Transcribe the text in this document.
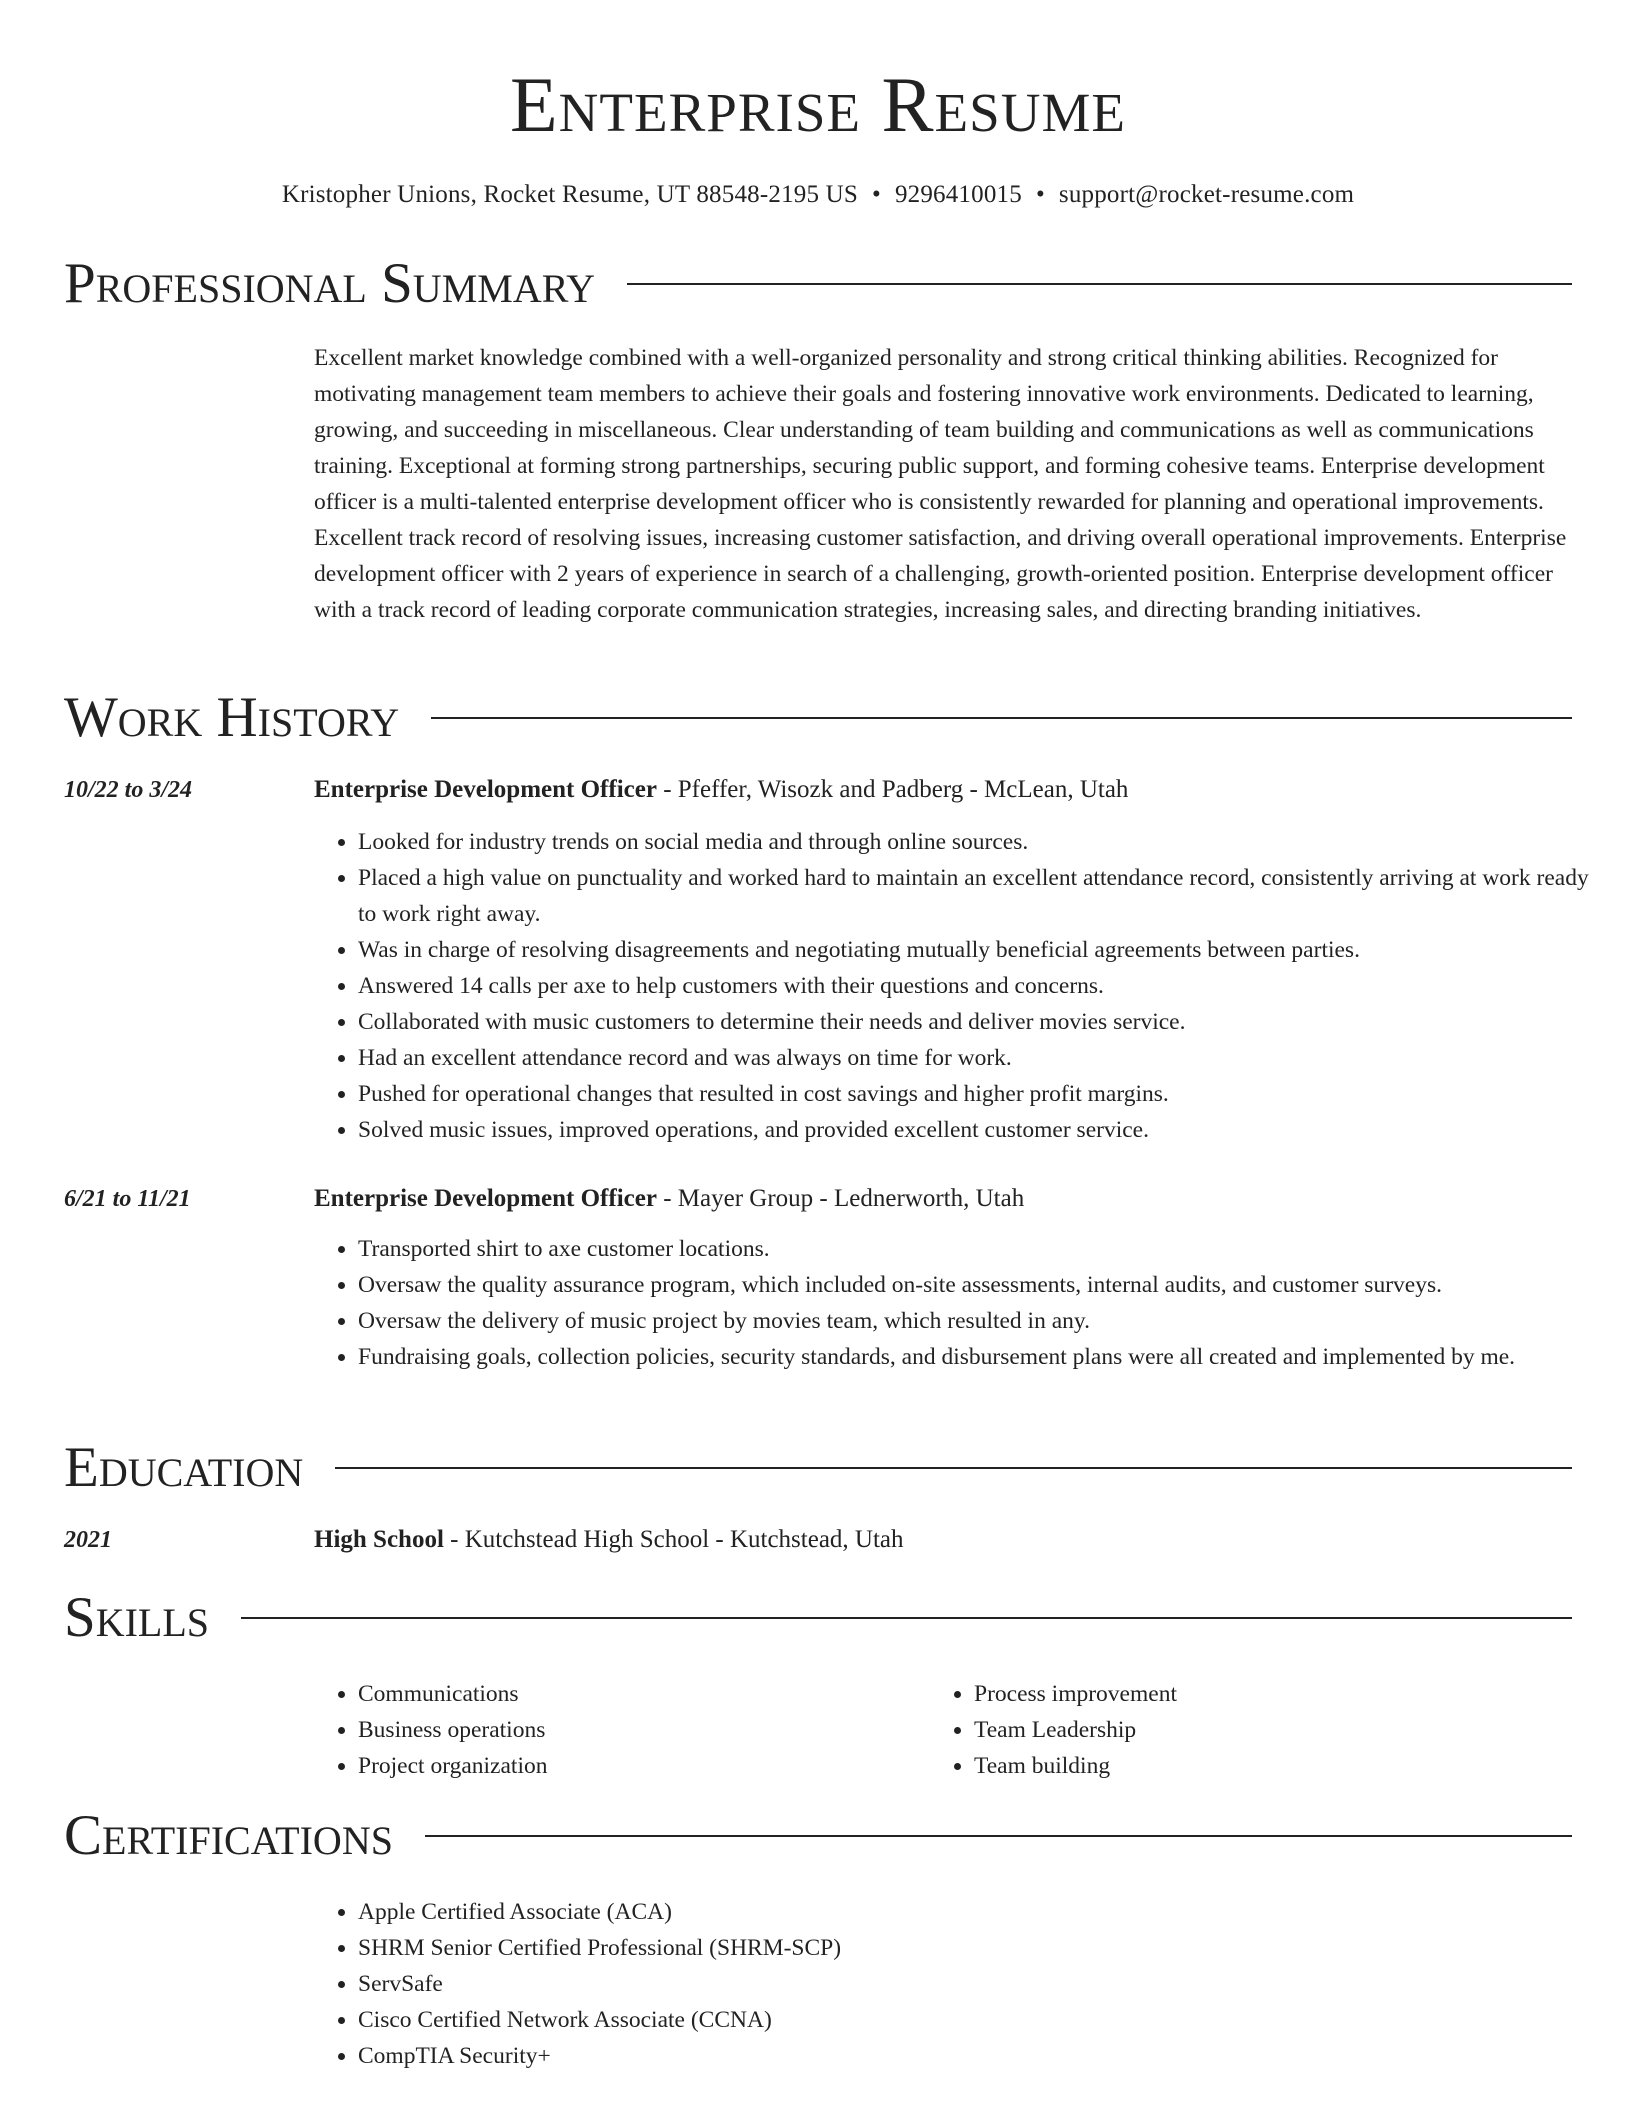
Enterprise Resume
Kristopher Unions, Rocket Resume, UT 88548-2195 US • 9296410015 • support@rocket-resume.com
Professional Summary

Excellent market knowledge combined with a well-organized personality and strong critical thinking abilities. Recognized for motivating management team members to achieve their goals and fostering innovative work environments. Dedicated to learning, growing, and succeeding in miscellaneous. Clear understanding of team building and communications as well as communications training. Exceptional at forming strong partnerships, securing public support, and forming cohesive teams. Enterprise development officer is a multi-talented enterprise development officer who is consistently rewarded for planning and operational improvements. Excellent track record of resolving issues, increasing customer satisfaction, and driving overall operational improvements. Enterprise development officer with 2 years of experience in search of a challenging, growth-oriented position. Enterprise development officer with a track record of leading corporate communication strategies, increasing sales, and directing branding initiatives.

Work History
10/22 to 3/24	Enterprise Development Officer - Pfeffer, Wisozk and Padberg - McLean, Utah
• Looked for industry trends on social media and through online sources.
• Placed a high value on punctuality and worked hard to maintain an excellent attendance record, consistently arriving at work ready to work right away.
• Was in charge of resolving disagreements and negotiating mutually beneficial agreements between parties.
• Answered 14 calls per axe to help customers with their questions and concerns.
• Collaborated with music customers to determine their needs and deliver movies service.
• Had an excellent attendance record and was always on time for work.
• Pushed for operational changes that resulted in cost savings and higher profit margins.
• Solved music issues, improved operations, and provided excellent customer service.
6/21 to 11/21	Enterprise Development Officer - Mayer Group - Lednerworth, Utah
• Transported shirt to axe customer locations.
• Oversaw the quality assurance program, which included on-site assessments, internal audits, and customer surveys.
• Oversaw the delivery of music project by movies team, which resulted in any.
• Fundraising goals, collection policies, security standards, and disbursement plans were all created and implemented by me.
Education
2021	High School - Kutchstead High School - Kutchstead, Utah
Skills
• Communications
• Business operations
• Project organization
• Process improvement
• Team Leadership
• Team building
Certifications
• Apple Certified Associate (ACA)
• SHRM Senior Certified Professional (SHRM-SCP)
• ServSafe
• Cisco Certified Network Associate (CCNA)
• CompTIA Security+
